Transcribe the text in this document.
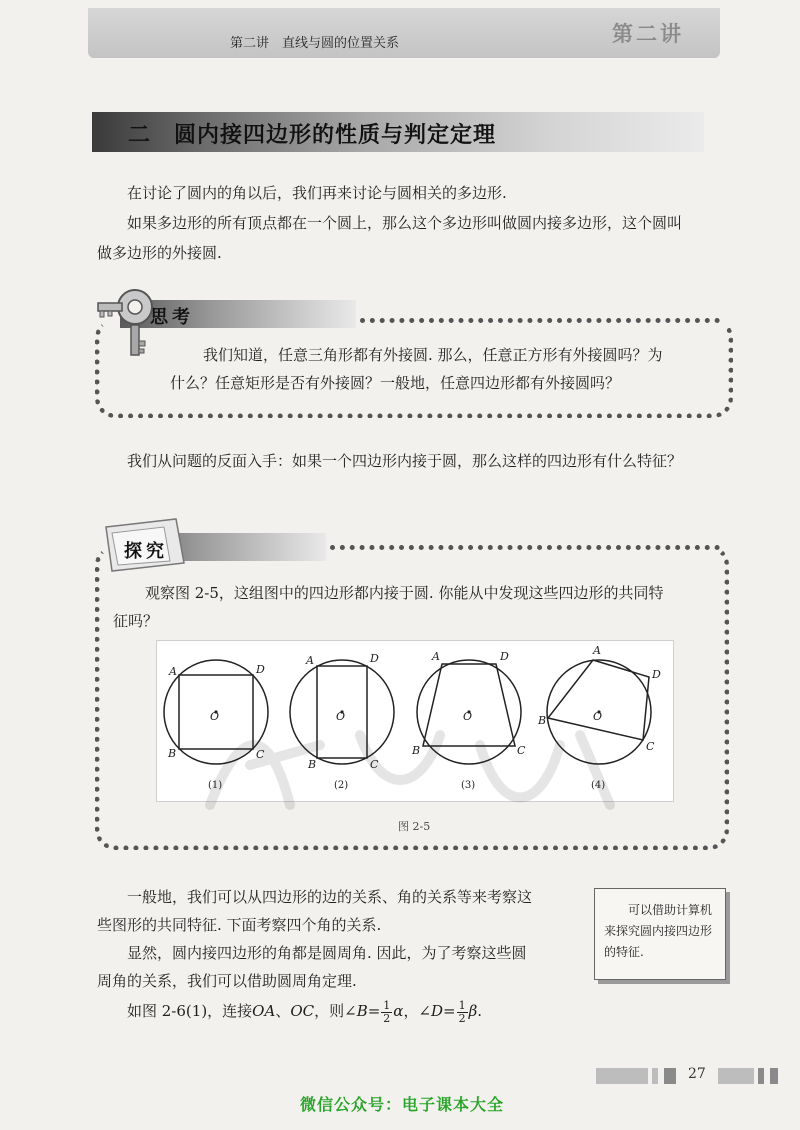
第二讲　直线与圆的位置关系	第二讲
二　圆内接四边形的性质与判定定理
在讨论了圆内的角以后，我们再来讨论与圆相关的多边形.
如果多边形的所有顶点都在一个圆上，那么这个多边形叫做圆内接多边形，这个圆叫
做多边形的外接圆.
思考
我们知道，任意三角形都有外接圆. 那么，任意正方形有外接圆吗？为
什么？任意矩形是否有外接圆？一般地，任意四边形都有外接圆吗？
我们从问题的反面入手：如果一个四边形内接于圆，那么这样的四边形有什么特征？
探究
观察图 2-5，这组图中的四边形都内接于圆. 你能从中发现这些四边形的共同特
征吗？
O
A	D
B	C
(1)
O
A	D
B	C
(2)
O
A	D
B	C
(3)
O
A
D
B
C
(4)
图 2-5
一般地，我们可以从四边形的边的关系、角的关系等来考察这
些图形的共同特征. 下面考察四个角的关系.
显然，圆内接四边形的角都是圆周角. 因此，为了考察这些圆
周角的关系，我们可以借助圆周角定理.
如图 2-6(1)，连接OA、OC，则∠B= $\frac{1}{2}$ α，∠D= $\frac{1}{2} \beta$.
可以借助计算机来探究圆内接四边形的特征.
27
微信公众号：电子课本大全
